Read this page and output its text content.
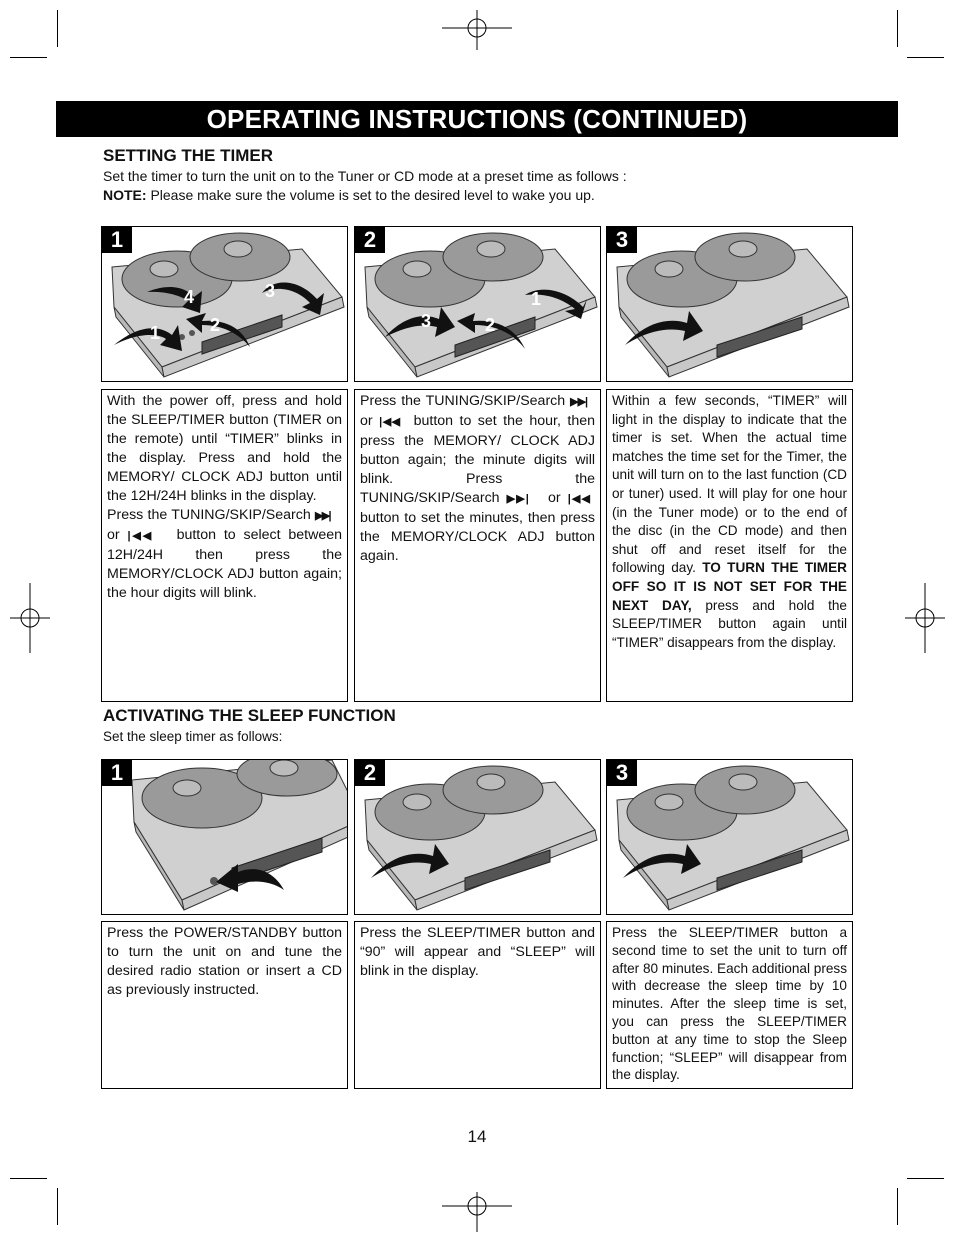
OPERATING INSTRUCTIONS (CONTINUED)
SETTING THE TIMER
Set the timer to turn the unit on to the Tuner or CD mode at a preset time as follows :
NOTE: Please make sure the volume is set to the desired level to wake you up.
4	3
1	2
1
1
3	2
2	3

With the power off, press and hold the SLEEP/TIMER button (TIMER on the remote) until “TIMER” blinks in the display. Press and hold the MEMORY/ CLOCK ADJ button until the 12H/24H blinks in the display.

Press the TUNING/SKIP/Search ▶▶|    or |◀◀ button to select between 12H/24H then press the MEMORY/CLOCK ADJ button again; the hour digits will blink.

Press the TUNING/SKIP/Search ▶▶|   or |◀◀ button to set the hour, then press the MEMORY/ CLOCK ADJ button again; the minute digits will blink. Press the TUNING/SKIP/Search ▶▶| or |◀◀  button to set the minutes, then press the MEMORY/CLOCK ADJ button again.

Within a few seconds, “TIMER” will light in the display to indicate that the timer is set. When the actual time matches the time set for the Timer, the unit will turn on to the last function (CD or tuner) used. It will play for one hour (in the Tuner mode) or to the end of the disc (in the CD mode) and then shut off and reset itself for the following day. TO TURN THE TIMER OFF SO IT IS NOT SET FOR THE NEXT DAY, press and hold the SLEEP/TIMER button again until “TIMER” disappears from the display.

ACTIVATING THE SLEEP FUNCTION
Set the sleep timer as follows:
1	2	3

Press the POWER/STANDBY button to turn the unit on and tune the desired radio station or insert a CD as previously instructed.

Press the SLEEP/TIMER button and “90” will appear and “SLEEP” will blink in the display.

Press the SLEEP/TIMER button a second time to set the unit to turn off after 80 minutes. Each additional press with decrease the sleep time by 10 minutes. After the sleep time is set, you can press the SLEEP/TIMER button at any time to stop the Sleep function; “SLEEP” will disappear from the display.

14
